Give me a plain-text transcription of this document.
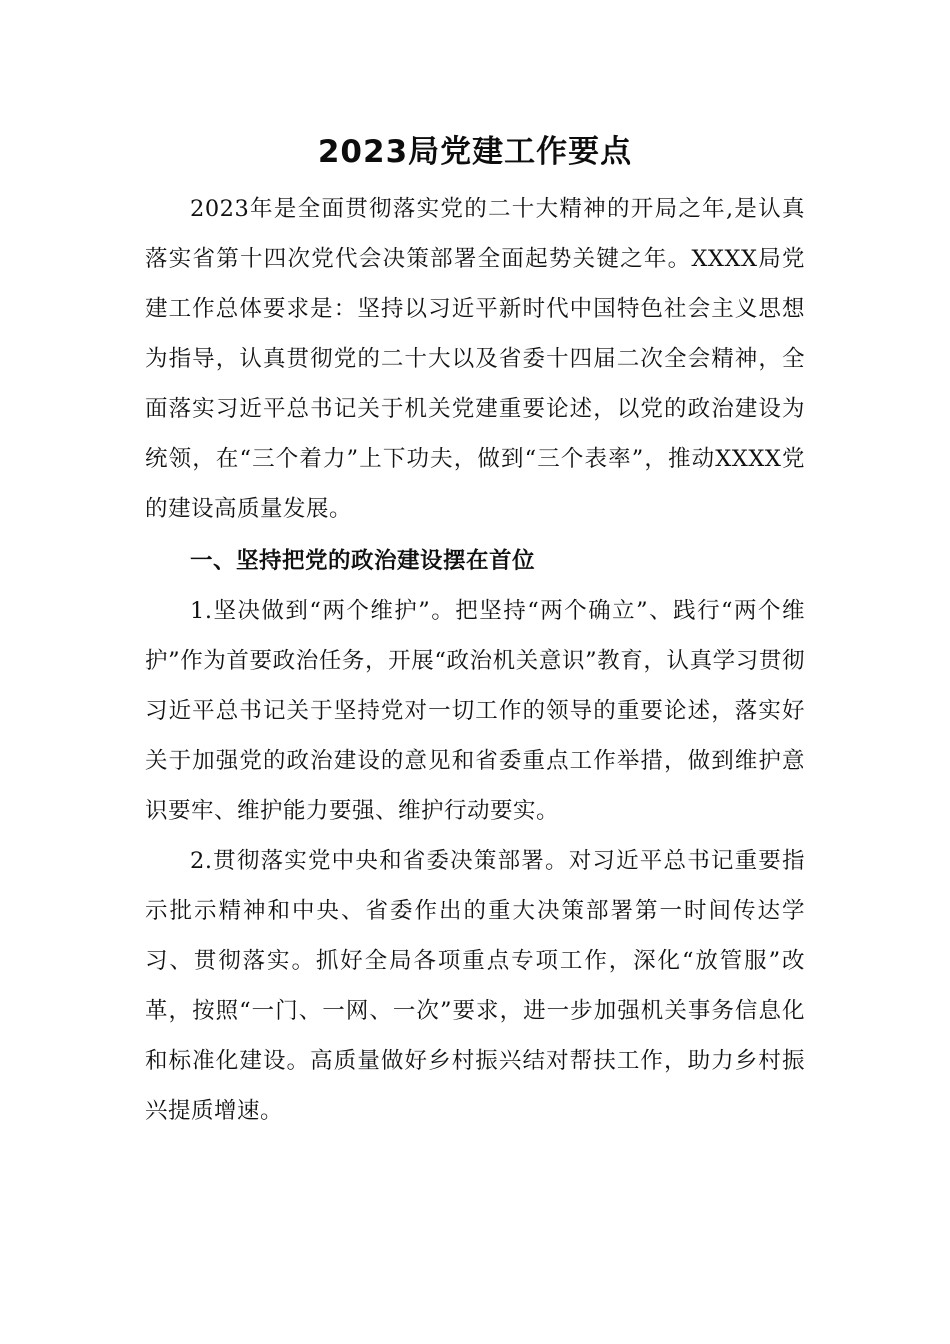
2023局党建工作要点

2023年是全面贯彻落实党的二十大精神的开局之年,是认真落实省第十四次党代会决策部署全面起势关键之年。XXXX局党建工作总体要求是：坚持以习近平新时代中国特色社会主义思想为指导，认真贯彻党的二十大以及省委十四届二次全会精神，全面落实习近平总书记关于机关党建重要论述，以党的政治建设为统领，在“三个着力”上下功夫，做到“三个表率”，推动XXXX党的建设高质量发展。

一、坚持把党的政治建设摆在首位

1.坚决做到“两个维护”。把坚持“两个确立”、践行“两个维护”作为首要政治任务，开展“政治机关意识”教育，认真学习贯彻习近平总书记关于坚持党对一切工作的领导的重要论述，落实好关于加强党的政治建设的意见和省委重点工作举措，做到维护意识要牢、维护能力要强、维护行动要实。

2.贯彻落实党中央和省委决策部署。对习近平总书记重要指示批示精神和中央、省委作出的重大决策部署第一时间传达学习、贯彻落实。抓好全局各项重点专项工作，深化“放管服”改革，按照“一门、一网、一次”要求，进一步加强机关事务信息化和标准化建设。高质量做好乡村振兴结对帮扶工作，助力乡村振兴提质增速。
